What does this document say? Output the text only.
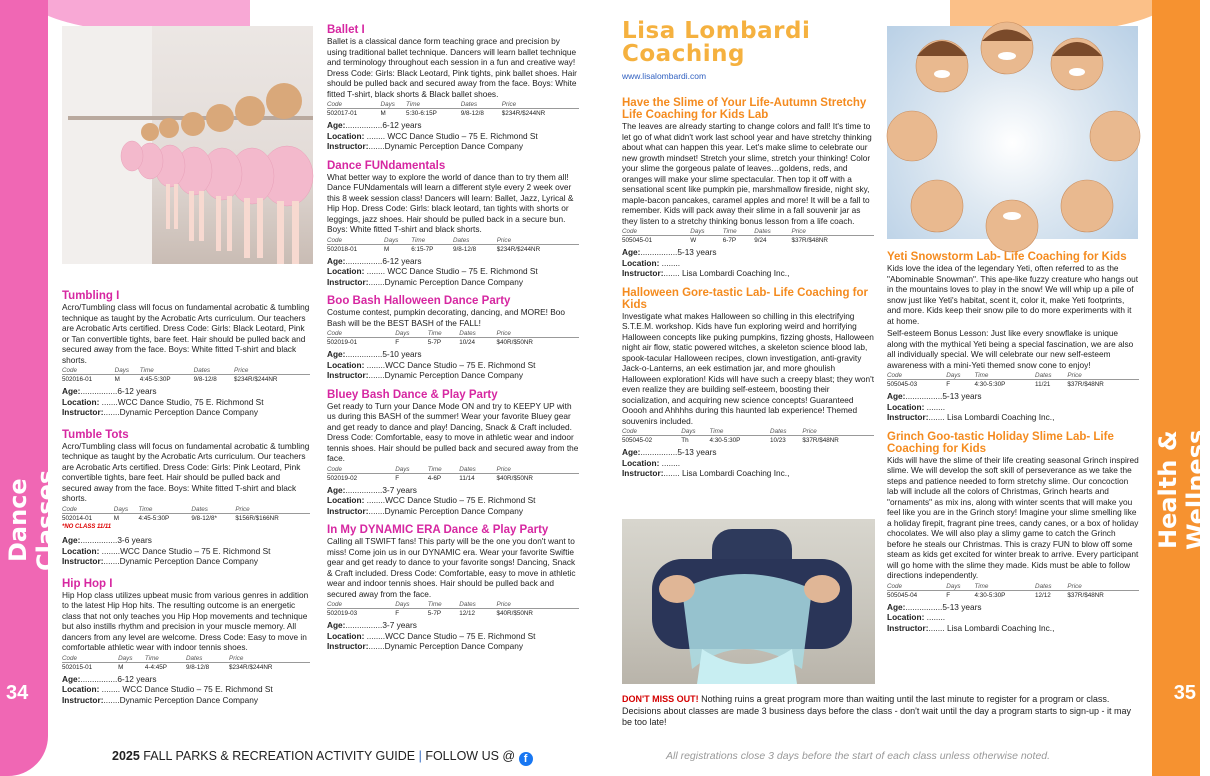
Dance Classes
34
Health & Wellness
35
Tumbling I

Acro/Tumbling class will focus on fundamental acrobatic & tumbling technique as taught by the Acrobatic Arts curriculum. Our teachers are Acrobatic Arts certified. Dress Code: Girls: Black Leotard, Pink or Tan convertible tights, bare feet. Hair should be pulled back and secured away from the face. Boys: White fitted T-shirt and black shorts.

Code	Days	Time	Dates	Price
502016-01	M	4:45-5:30P	9/8-12/8	$234R/$244NR
Age:................6-12 years
Location: .......WCC Dance Studio, 75 E. Richmond St
Instructor:.......Dynamic Perception Dance Company
Tumble Tots

Acro/Tumbling class will focus on fundamental acrobatic & tumbling technique as taught by the Acrobatic Arts curriculum. Our teachers are Acrobatic Arts certified. Dress Code: Girls: Pink Leotard, Pink convertible tights, bare feet. Hair should be pulled back and secured away from the face. Boys: White fitted T-shirt and black shorts.

Code	Days	Time	Dates	Price
502014-01	M	4:45-5:30P	9/8-12/8*	$156R/$166NR
*NO CLASS 11/11
Age:................3-6 years
Location: ........WCC Dance Studio – 75 E. Richmond St
Instructor:.......Dynamic Perception Dance Company
Hip Hop I

Hip Hop class utilizes upbeat music from various genres in addition to the latest Hip Hop hits. The resulting outcome is an energetic class that not only teaches you Hip Hop movements and technique but also instills rhythm and precision in your muscle memory. All dancers from any level are welcome. Dress Code: Easy to move in comfortable athletic wear with indoor tennis shoes.

Code	Days	Time	Dates	Price
502015-01	M	4-4:45P	9/8-12/8	$234R/$244NR
Age:................6-12 years
Location: ........ WCC Dance Studio – 75 E. Richmond St
Instructor:.......Dynamic Perception Dance Company
Ballet I

Ballet is a classical dance form teaching grace and precision by using traditional ballet technique. Dancers will learn ballet technique and terminology throughout each session in a fun and creative way! Dress Code: Girls: Black Leotard, Pink tights, pink ballet shoes. Hair should be pulled back and secured away from the face. Boys: White fitted T-shirt, black shorts & Black ballet shoes.

Code	Days	Time	Dates	Price
502017-01	M	5:30-6:15P	9/8-12/8	$234R/$244NR
Age:................6-12 years
Location: ........ WCC Dance Studio – 75 E. Richmond St
Instructor:.......Dynamic Perception Dance Company
Dance FUNdamentals

What better way to explore the world of dance than to try them all! Dance FUNdamentals will learn a different style every 2 week over this 8 week session class! Dancers will learn: Ballet, Jazz, Lyrical & Hip Hop. Dress Code: Girls: black leotard, tan tights with shorts or leggings, jazz shoes. Hair should be pulled back in a secure bun. Boys: White fitted T-shirt and black shorts.

Code	Days	Time	Dates	Price
502018-01	M	6:15-7P	9/8-12/8	$234R/$244NR
Age:................6-12 years
Location: ........ WCC Dance Studio – 75 E. Richmond St
Instructor:.......Dynamic Perception Dance Company
Boo Bash Halloween Dance Party

Costume contest, pumpkin decorating, dancing, and MORE! Boo Bash will be the BEST BASH of the FALL!

Code	Days	Time	Dates	Price
502019-01	F	5-7P	10/24	$40R/$50NR
Age:................5-10 years
Location: ........WCC Dance Studio – 75 E. Richmond St
Instructor:.......Dynamic Perception Dance Company
Bluey Bash Dance & Play Party

Get ready to Turn your Dance Mode ON and try to KEEPY UP with us during this BASH of the summer! Wear your favorite Bluey gear and get ready to dance and play! Dancing, Snack & Craft included. Dress Code: Comfortable, easy to move in athletic wear and indoor tennis shoes. Hair should be pulled back and secured away from the face.

Code	Days	Time	Dates	Price
502019-02	F	4-6P	11/14	$40R/$50NR
Age:................3-7 years
Location: ........WCC Dance Studio – 75 E. Richmond St
Instructor:.......Dynamic Perception Dance Company
In My DYNAMIC ERA Dance & Play Party

Calling all TSWIFT fans! This party will be the one you don't want to miss! Come join us in our DYNAMIC era. Wear your favorite Swiftie gear and get ready to dance to your favorite songs! Dancing, Snack & Craft included. Dress Code: Comfortable, easy to move in athletic wear and indoor tennis shoes. Hair should be pulled back and secured away from the face.

Code	Days	Time	Dates	Price
502019-03	F	5-7P	12/12	$40R/$50NR
Age:................3-7 years
Location: ........WCC Dance Studio – 75 E. Richmond St
Instructor:.......Dynamic Perception Dance Company
Lisa Lombardi
Coaching
www.lisalombardi.com
Have the Slime of Your Life-Autumn Stretchy Life Coaching for Kids Lab

The leaves are already starting to change colors and fall! It's time to let go of what didn't work last school year and have stretchy thinking about what can happen this year. Let's make slime to celebrate our new growth mindset! Stretch your slime, stretch your thinking! Color your slime the gorgeous palate of leaves…goldens, reds, and oranges will make your slime spectacular. Then top it off with a sensational scent like pumpkin pie, marshmallow fireside, night sky, maple-bacon pancakes, caramel apples and more! It will be a fall to remember. Kids will pack away their slime in a fall souvenir jar as they listen to a stretchy thinking bonus lesson from a life coach.

Code	Days	Time	Dates	Price
505045-01	W	6-7P	9/24	$37R/$48NR
Age:................5-13 years
Location: ........
Instructor:....... Lisa Lombardi Coaching Inc.,
Halloween Gore-tastic Lab- Life Coaching for Kids

Investigate what makes Halloween so chilling in this electrifying S.T.E.M. workshop. Kids have fun exploring weird and horrifying Halloween concepts like puking pumpkins, fizzing ghosts, Halloween night air flow, static powered witches, a skeleton science blood lab, spook-tacular Halloween recipes, clown investigation, anti-gravity Jack-o-Lanterns, an eek estimation jar, and more ghoulish Halloween exploration! Kids will have such a creepy blast; they won't even realize they are building self-esteem, boosting their socialization, and acquiring new science concepts! Guaranteed Ooooh and Ahhhhs during this haunted lab experience! Themed souvenirs included.

Code	Days	Time	Dates	Price
505045-02	Th	4:30-5:30P	10/23	$37R/$48NR
Age:................5-13 years
Location: ........
Instructor:....... Lisa Lombardi Coaching Inc.,
Yeti Snowstorm Lab- Life Coaching for Kids

Kids love the idea of the legendary Yeti, often referred to as the "Abominable Snowman". This ape-like fuzzy creature who hangs out in the mountains loves to play in the snow! We will whip up a pile of snow just like Yeti's habitat, scent it, color it, make Yeti footprints, and more. Kids keep their snow pile to do more experiments with it at home.

Self-esteem Bonus Lesson: Just like every snowflake is unique along with the mythical Yeti being a special fascination, we are also all individually special. We will celebrate our new self-esteem awareness with a mini-Yeti themed snow cone to enjoy!

Code	Days	Time	Dates	Price
505045-03	F	4:30-5:30P	11/21	$37R/$48NR
Age:................5-13 years
Location: ........
Instructor:....... Lisa Lombardi Coaching Inc.,
Grinch Goo-tastic Holiday Slime Lab- Life Coaching for Kids

Kids will have the slime of their life creating seasonal Grinch inspired slime. We will develop the soft skill of perseverance as we take the steps and patience needed to form stretchy slime. Our concoction lab will include all the colors of Christmas, Grinch hearts and "ornaments" as mix ins, along with winter scents that will make you feel like you are in the Grinch story! Imagine your slime smelling like a holiday firepit, fragrant pine trees, candy canes, or a box of holiday chocolates. We will also play a slimy game to catch the Grinch before he steals our Christmas. This is crazy FUN to blow off some steam as kids get excited for winter break to arrive. Every participant will go home with the slime they made. Kids must be able to follow directions independently.

Code	Days	Time	Dates	Price
505045-04	F	4:30-5:30P	12/12	$37R/$48NR
Age:................5-13 years
Location: ........
Instructor:....... Lisa Lombardi Coaching Inc.,
DON'T MISS OUT! Nothing ruins a great program more than waiting until the last minute to register for a program or class. Decisions about classes are made 3 business days before the class - don't wait until the day a program starts to sign-up - it may be too late!
2025 FALL PARKS & RECREATION ACTIVITY GUIDE | FOLLOW US @ f	All registrations close 3 days before the start of each class unless otherwise noted.
